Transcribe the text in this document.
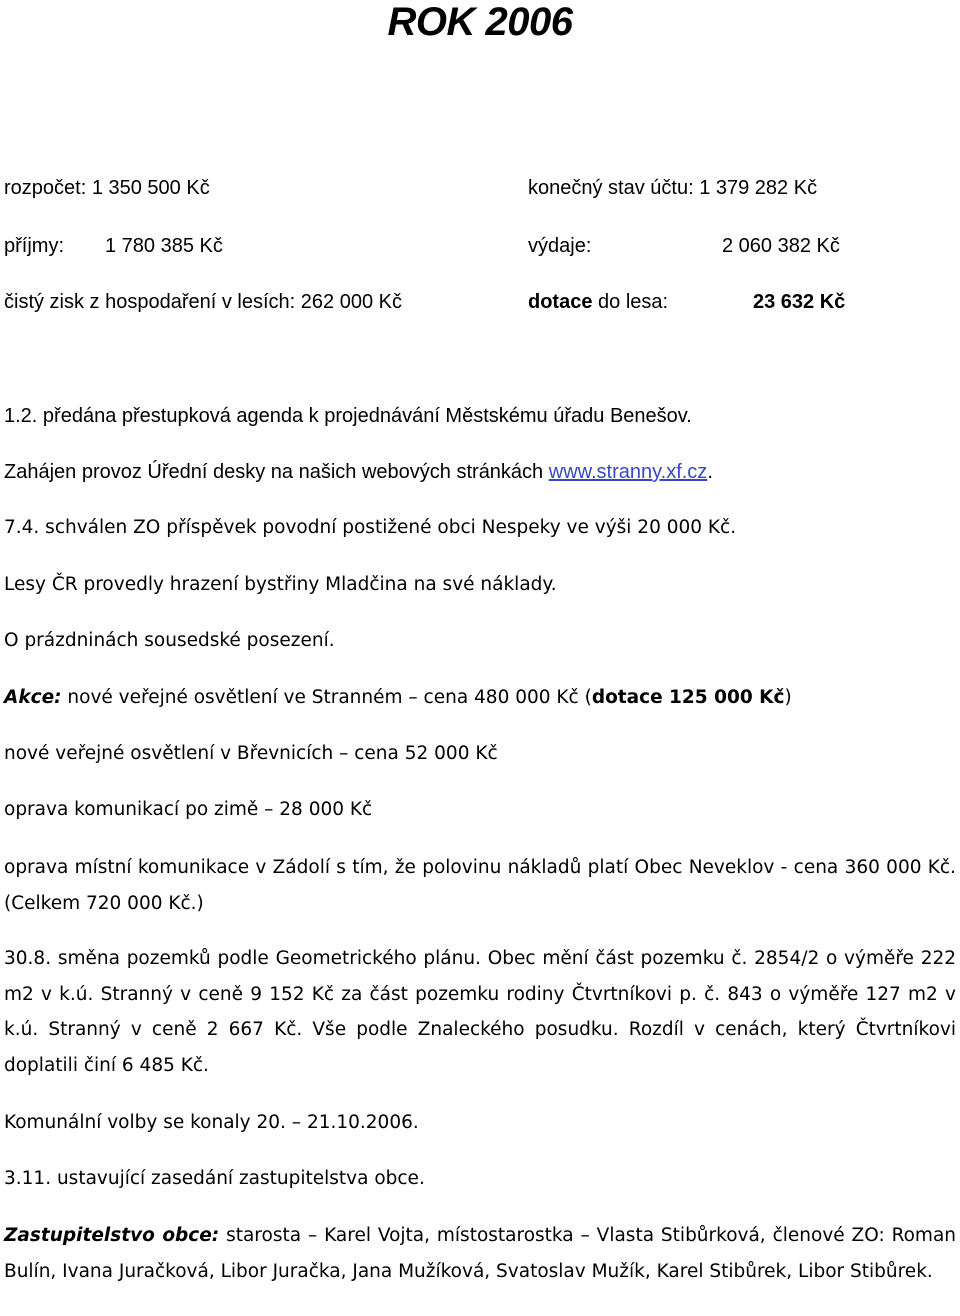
ROK 2006
rozpočet: 1 350 500 Kč	konečný stav účtu: 1 379 282 Kč
příjmy: 1 780 385 Kč	výdaje:	2 060 382 Kč
čistý zisk z hospodaření v lesích: 262 000 Kč	dotace do lesa:	23 632 Kč
1.2. předána přestupková agenda k projednávání Městskému úřadu Benešov.
Zahájen provoz Úřední desky na našich webových stránkách www.stranny.xf.cz.
7.4. schválen ZO příspěvek povodní postižené obci Nespeky ve výši 20 000 Kč.
Lesy ČR provedly hrazení bystřiny Mladčina na své náklady.
O prázdninách sousedské posezení.
Akce: nové veřejné osvětlení ve Stranném – cena 480 000 Kč (dotace 125 000 Kč)
nové veřejné osvětlení v Břevnicích – cena 52 000 Kč
oprava komunikací po zimě – 28 000 Kč
oprava místní komunikace v Zádolí s tím, že polovinu nákladů platí Obec Neveklov - cena 360 000 Kč. (Celkem 720 000 Kč.)
30.8. směna pozemků podle Geometrického plánu. Obec mění část pozemku č. 2854/2 o výměře 222 m2 v k.ú. Stranný v ceně 9 152 Kč za část pozemku rodiny Čtvrtníkovi p. č. 843 o výměře 127 m2 v k.ú. Stranný v ceně 2 667 Kč. Vše podle Znaleckého posudku. Rozdíl v cenách, který Čtvrtníkovi doplatili činí 6 485 Kč.
Komunální volby se konaly 20. – 21.10.2006.
3.11. ustavující zasedání zastupitelstva obce.
Zastupitelstvo obce: starosta – Karel Vojta, místostarostka – Vlasta Stibůrková, členové ZO: Roman Bulín, Ivana Juračková, Libor Juračka, Jana Mužíková, Svatoslav Mužík, Karel Stibůrek, Libor Stibůrek.
